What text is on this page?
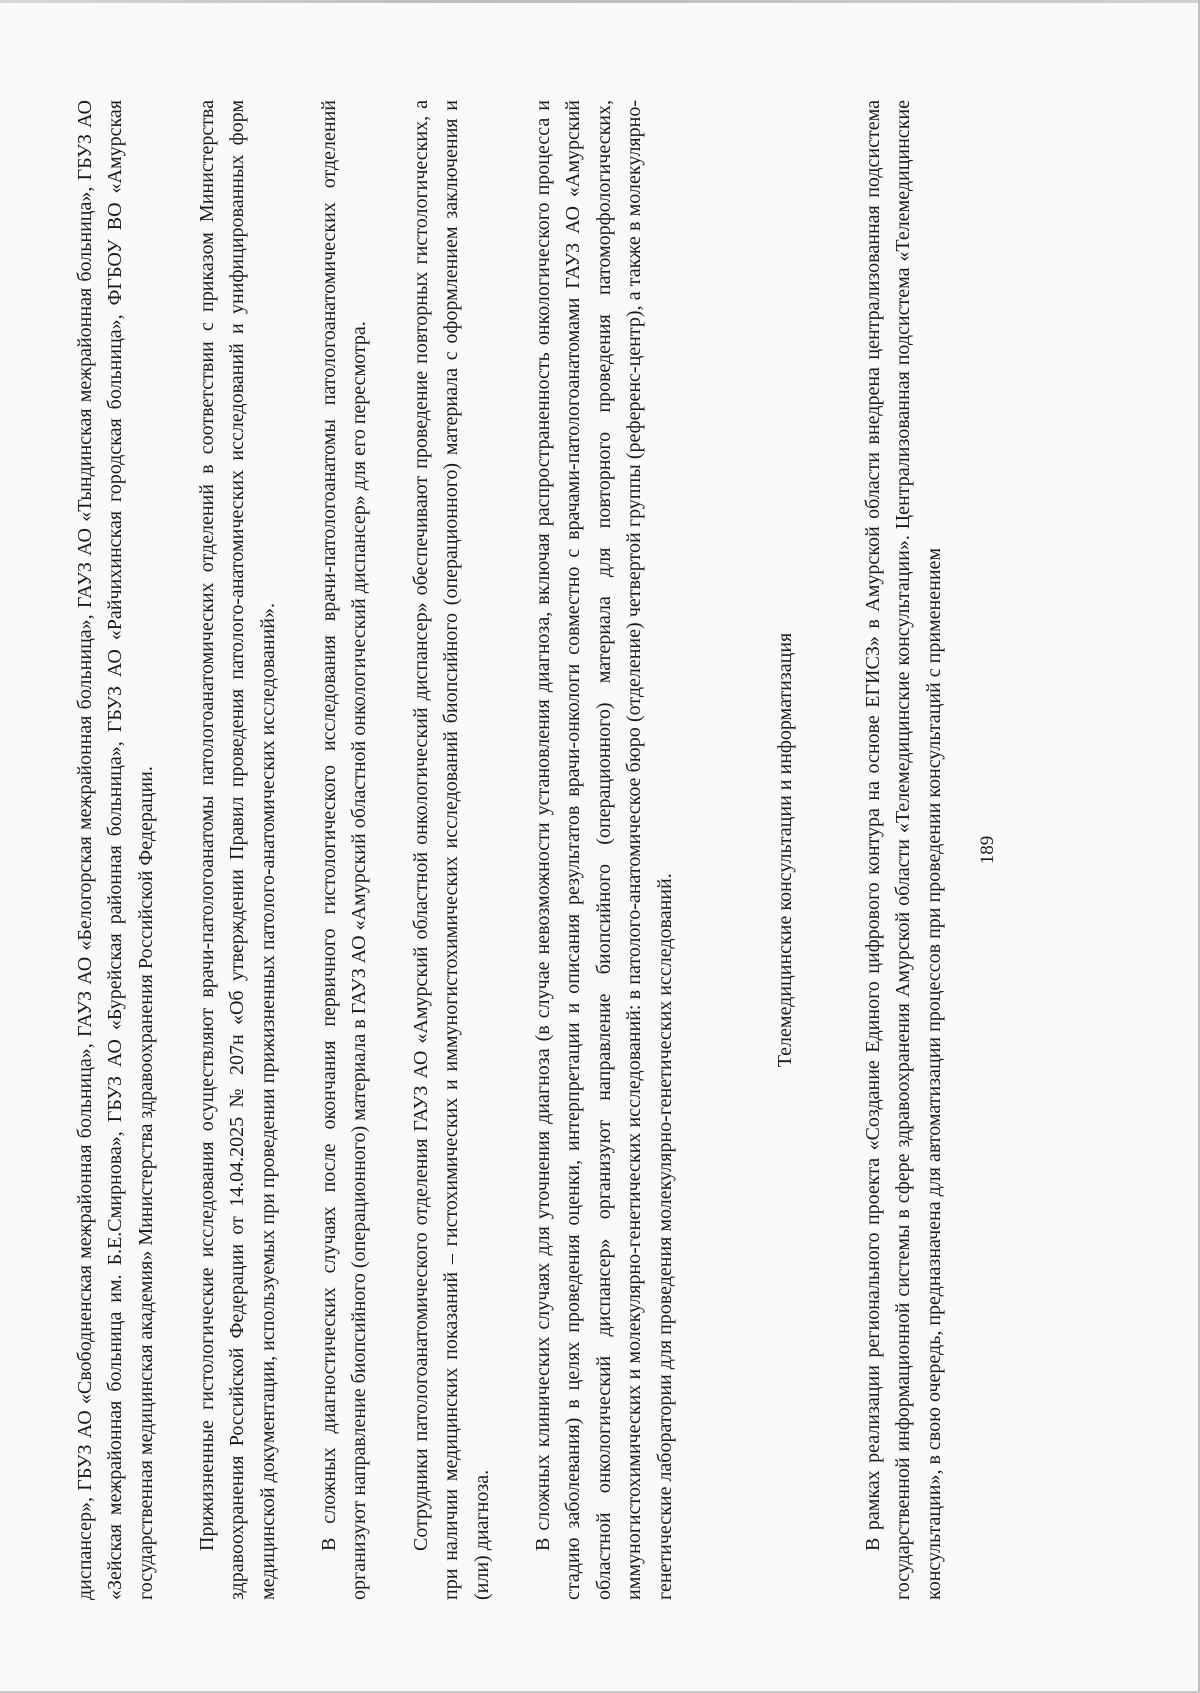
189

диспансер», ГБУЗ АО «Свободненская межрайонная больница», ГАУЗ АО «Белогорская межрайонная больница», ГАУЗ АО «Тындинская межрайонная больница», ГБУЗ АО «Зейская межрайонная больница им. Б.Е.Смирнова», ГБУЗ АО «Бурейская районная больница», ГБУЗ АО «Райчихинская городская больница», ФГБОУ ВО «Амурская государственная медицинская академия» Министерства здравоохранения Российской Федерации. Прижизненные гистологические исследования осуществляют врачи-патологоанатомы патологоанатомических отделений в соответствии с приказом Министерства здравоохранения Российской Федерации от 14.04.2025 № 207н «Об утверждении Правил проведения патолого-анатомических исследований и унифицированных форм медицинской документации, используемых при проведении прижизненных патолого-анатомических исследований». В сложных диагностических случаях после окончания первичного гистологического исследования врачи-патологоанатомы патологоанатомических отделений организуют направление биопсийного (операционного) материала в ГАУЗ АО «Амурский областной онкологический диспансер» для его пересмотра. Сотрудники патологоанатомического отделения ГАУЗ АО «Амурский областной онкологический диспансер» обеспечивают проведение повторных гистологических, а при наличии медицинских показаний – гистохимических и иммуногистохимических исследований биопсийного (операционного) материала с оформлением заключения и (или) диагноза. В сложных клинических случаях для уточнения диагноза (в случае невозможности установления диагноза, включая распространенность онкологического процесса и стадию заболевания) в целях проведения оценки, интерпретации и описания результатов врачи-онкологи совместно с врачами-патологоанатомами ГАУЗ АО «Амурский областной онкологический диспансер» организуют направление биопсийного (операционного) материала для повторного проведения патоморфологических, иммуногистохимических и молекулярно-генетических исследований: в патолого-анатомическое бюро (отделение) четвертой группы (референс-центр), а также в молекулярно-генетические лаборатории для проведения молекулярно-генетических исследований.

Телемедицинские консультации и информатизация	В рамках реализации регионального проекта «Создание Единого цифрового контура на основе ЕГИСЗ» в Амурской области внедрена централизованная подсистема государственной информационной системы в сфере здравоохранения Амурской области «Телемедицинские консультации». Централизованная подсистема «Телемедицинские консультации», в свою очередь, предназначена для автоматизации процессов при проведении консультаций с применением
